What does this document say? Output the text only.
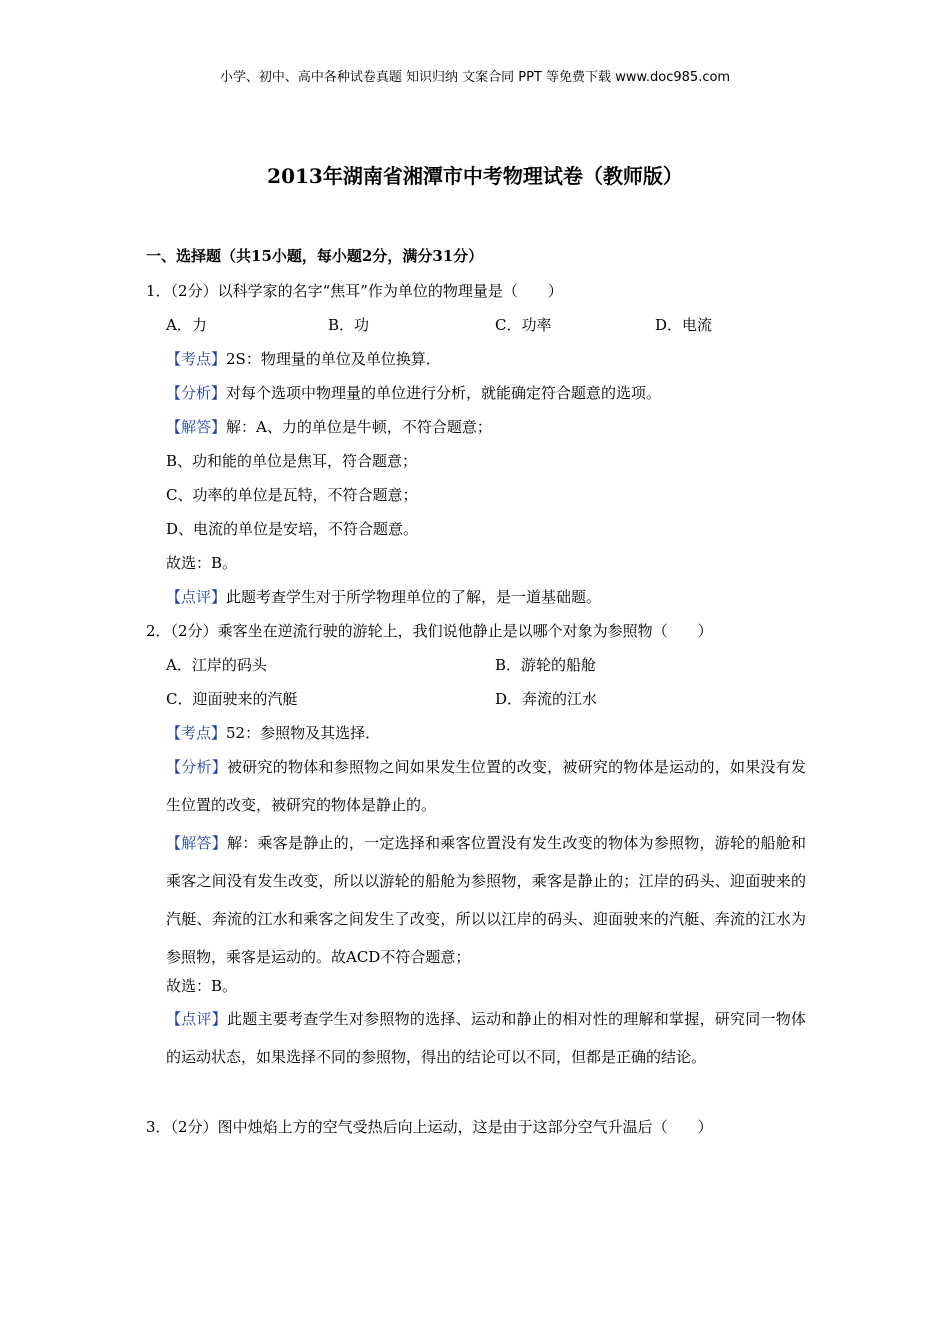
小学、初中、高中各种试卷真题 知识归纳 文案合同 PPT 等免费下载 www.doc985.com
2013年湖南省湘潭市中考物理试卷（教师版）
一、选择题（共15小题，每小题2分，满分31分）
1．（2分）以科学家的名字“焦耳”作为单位的物理量是（　　）
A．力	B．功	C．功率	D．电流
【考点】2S：物理量的单位及单位换算．
【分析】对每个选项中物理量的单位进行分析，就能确定符合题意的选项。
【解答】解：A、力的单位是牛顿，不符合题意；
B、功和能的单位是焦耳，符合题意；
C、功率的单位是瓦特，不符合题意；
D、电流的单位是安培，不符合题意。
故选：B。
【点评】此题考查学生对于所学物理单位的了解，是一道基础题。
2．（2分）乘客坐在逆流行驶的游轮上，我们说他静止是以哪个对象为参照物（　　）
A．江岸的码头	B．游轮的船舱
C．迎面驶来的汽艇	D．奔流的江水
【考点】52：参照物及其选择．
【分析】被研究的物体和参照物之间如果发生位置的改变，被研究的物体是运动的，如果没有发生位置的改变，被研究的物体是静止的。
【解答】解：乘客是静止的，一定选择和乘客位置没有发生改变的物体为参照物，游轮的船舱和乘客之间没有发生改变，所以以游轮的船舱为参照物，乘客是静止的；江岸的码头、迎面驶来的汽艇、奔流的江水和乘客之间发生了改变，所以以江岸的码头、迎面驶来的汽艇、奔流的江水为参照物，乘客是运动的。故ACD不符合题意；
故选：B。
【点评】此题主要考查学生对参照物的选择、运动和静止的相对性的理解和掌握，研究同一物体的运动状态，如果选择不同的参照物，得出的结论可以不同，但都是正确的结论。
3．（2分）图中烛焰上方的空气受热后向上运动，这是由于这部分空气升温后（　　）
